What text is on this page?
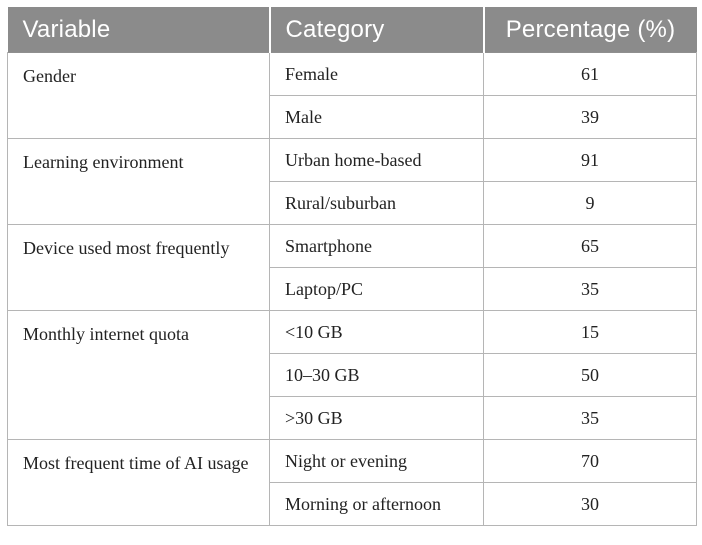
Variable	Category	Percentage (%)
Gender	Female	61
	Male	39
Learning environment	Urban home-based	91
	Rural/suburban	9
Device used most frequently	Smartphone	65
	Laptop/PC	35
Monthly internet quota	<10 GB	15
	10–30 GB	50
	>30 GB	35
Most frequent time of AI usage	Night or evening	70
	Morning or afternoon	30
